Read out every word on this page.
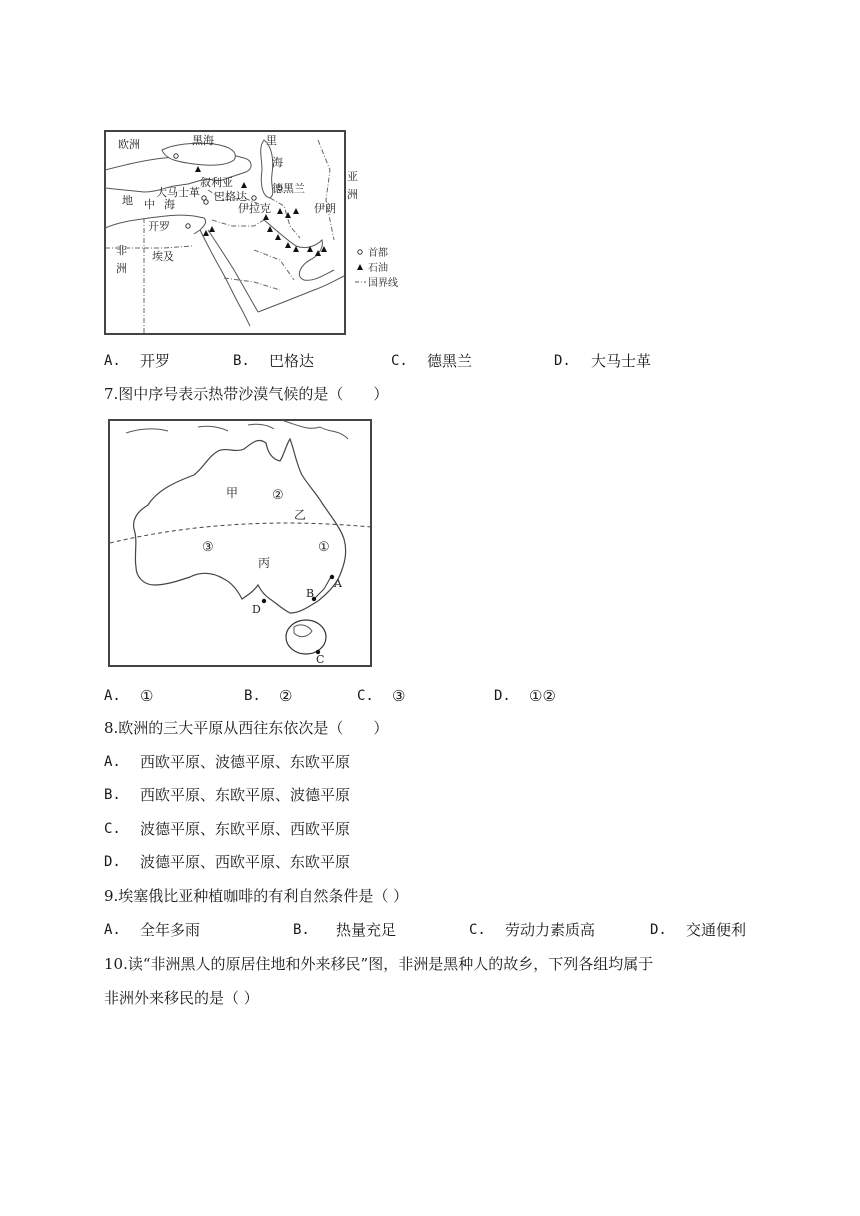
欧洲	黑海	里
海
亚
洲
叙利亚
大马士革 巴格达
德黑兰
地 中 海	伊拉克	伊朗
开罗
非
洲
埃及	首都
石油
国界线
A. 开罗	B. 巴格达	C. 德黑兰	D. 大马士革
7.图中序号表示热带沙漠气候的是（　　）
甲	②
乙
③	①
丙
A
B
D
C
A. ①	B. ②	C. ③	D. ①②
8.欧洲的三大平原从西往东依次是（　　）
A. 西欧平原、波德平原、东欧平原
B. 西欧平原、东欧平原、波德平原
C. 波德平原、东欧平原、西欧平原
D. 波德平原、西欧平原、东欧平原
9.埃塞俄比亚种植咖啡的有利自然条件是（ ）
A. 全年多雨	B. 热量充足	C. 劳动力素质高	D. 交通便利
10.读“非洲黑人的原居住地和外来移民”图，非洲是黑种人的故乡，下列各组均属于
非洲外来移民的是（ ）
